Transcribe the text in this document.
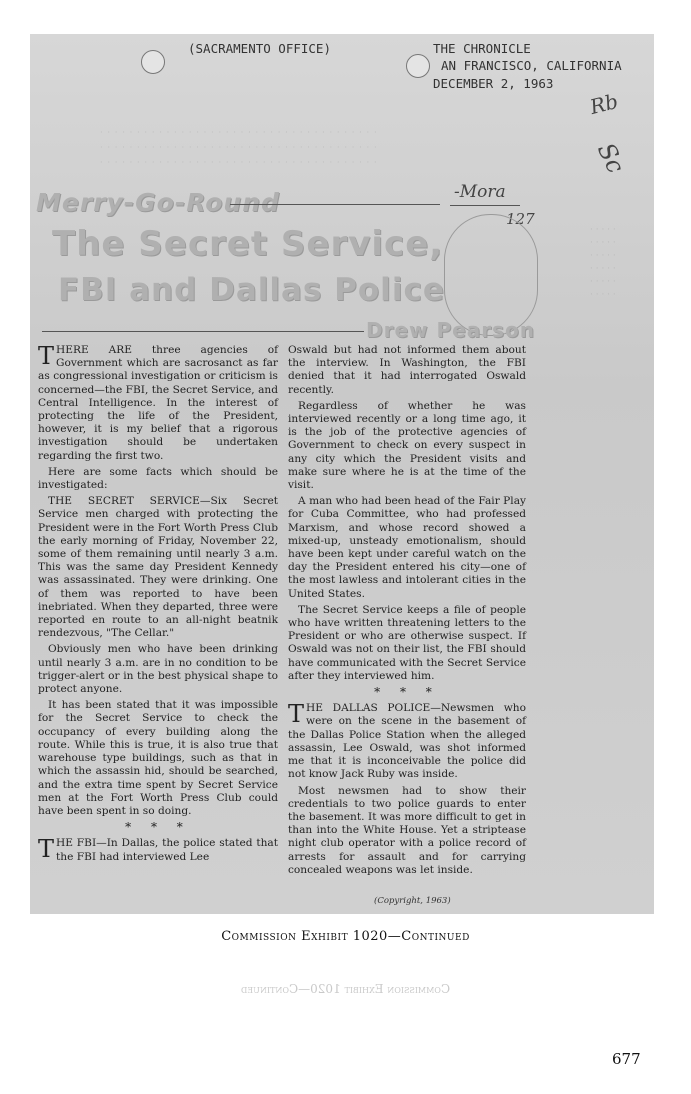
(SACRAMENTO OFFICE)	THE CHRONICLE
AN FRANCISCO, CALIFORNIA
DECEMBER 2, 1963
Rb
Sc
​· · · · · · · · · · · · · · · · · · · · · · · · · · · · · · · · · · · · · ·
· · · · · · · · · · · · · · · · · · · · · · · · · · · · · · · · · · · · · ·
· · · · · · · · · · · · · · · · · · · · · · · · · · · · · · · · · · · · · ·
Merry-Go-Round	-Mora
127
The Secret Service,
FBI and Dallas Police
· · · · ·
· · · · ·
· · · · ·
· · · · ·
· · · · ·
· · · · ·
Drew Pearson

THERE ARE three agencies of Government which are sacrosanct as far as congressional investigation or criticism is concerned—the FBI, the Secret Service, and Central Intelligence. In the interest of protecting the life of the President, however, it is my belief that a rigorous investigation should be undertaken regarding the first two.

Here are some facts which should be investigated:

THE SECRET SERVICE—Six Secret Service men charged with protecting the President were in the Fort Worth Press Club the early morning of Friday, November 22, some of them remaining until nearly 3 a.m. This was the same day President Kennedy was assassinated. They were drinking. One of them was reported to have been inebriated. When they departed, three were reported en route to an all-night beatnik rendezvous, "The Cellar."

Obviously men who have been drinking until nearly 3 a.m. are in no condition to be trigger-alert or in the best physical shape to protect anyone.

It has been stated that it was impossible for the Secret Service to check the occupancy of every building along the route. While this is true, it is also true that warehouse type buildings, such as that in which the assassin hid, should be searched, and the extra time spent by Secret Service men at the Fort Worth Press Club could have been spent in so doing.

* * *

THE FBI—In Dallas, the police stated that the FBI had interviewed Lee

Oswald but had not informed them about the interview. In Washington, the FBI denied that it had interrogated Oswald recently.

Regardless of whether he was interviewed recently or a long time ago, it is the job of the protective agencies of Government to check on every suspect in any city which the President visits and make sure where he is at the time of the visit.

A man who had been head of the Fair Play for Cuba Committee, who had professed Marxism, and whose record showed a mixed-up, unsteady emotionalism, should have been kept under careful watch on the day the President entered his city—one of the most lawless and intolerant cities in the United States.

The Secret Service keeps a file of people who have written threatening letters to the President or who are otherwise suspect. If Oswald was not on their list, the FBI should have communicated with the Secret Service after they interviewed him.

* * *

THE DALLAS POLICE—Newsmen who were on the scene in the basement of the Dallas Police Station when the alleged assassin, Lee Oswald, was shot informed me that it is inconceivable the police did not know Jack Ruby was inside.

Most newsmen had to show their credentials to two police guards to enter the basement. It was more difficult to get in than into the White House. Yet a striptease night club operator with a police record of arrests for assault and for carrying concealed weapons was let inside.

(Copyright, 1963)
Commission Exhibit 1020—Continued
Commission Exhibit 1020—Continued
677
